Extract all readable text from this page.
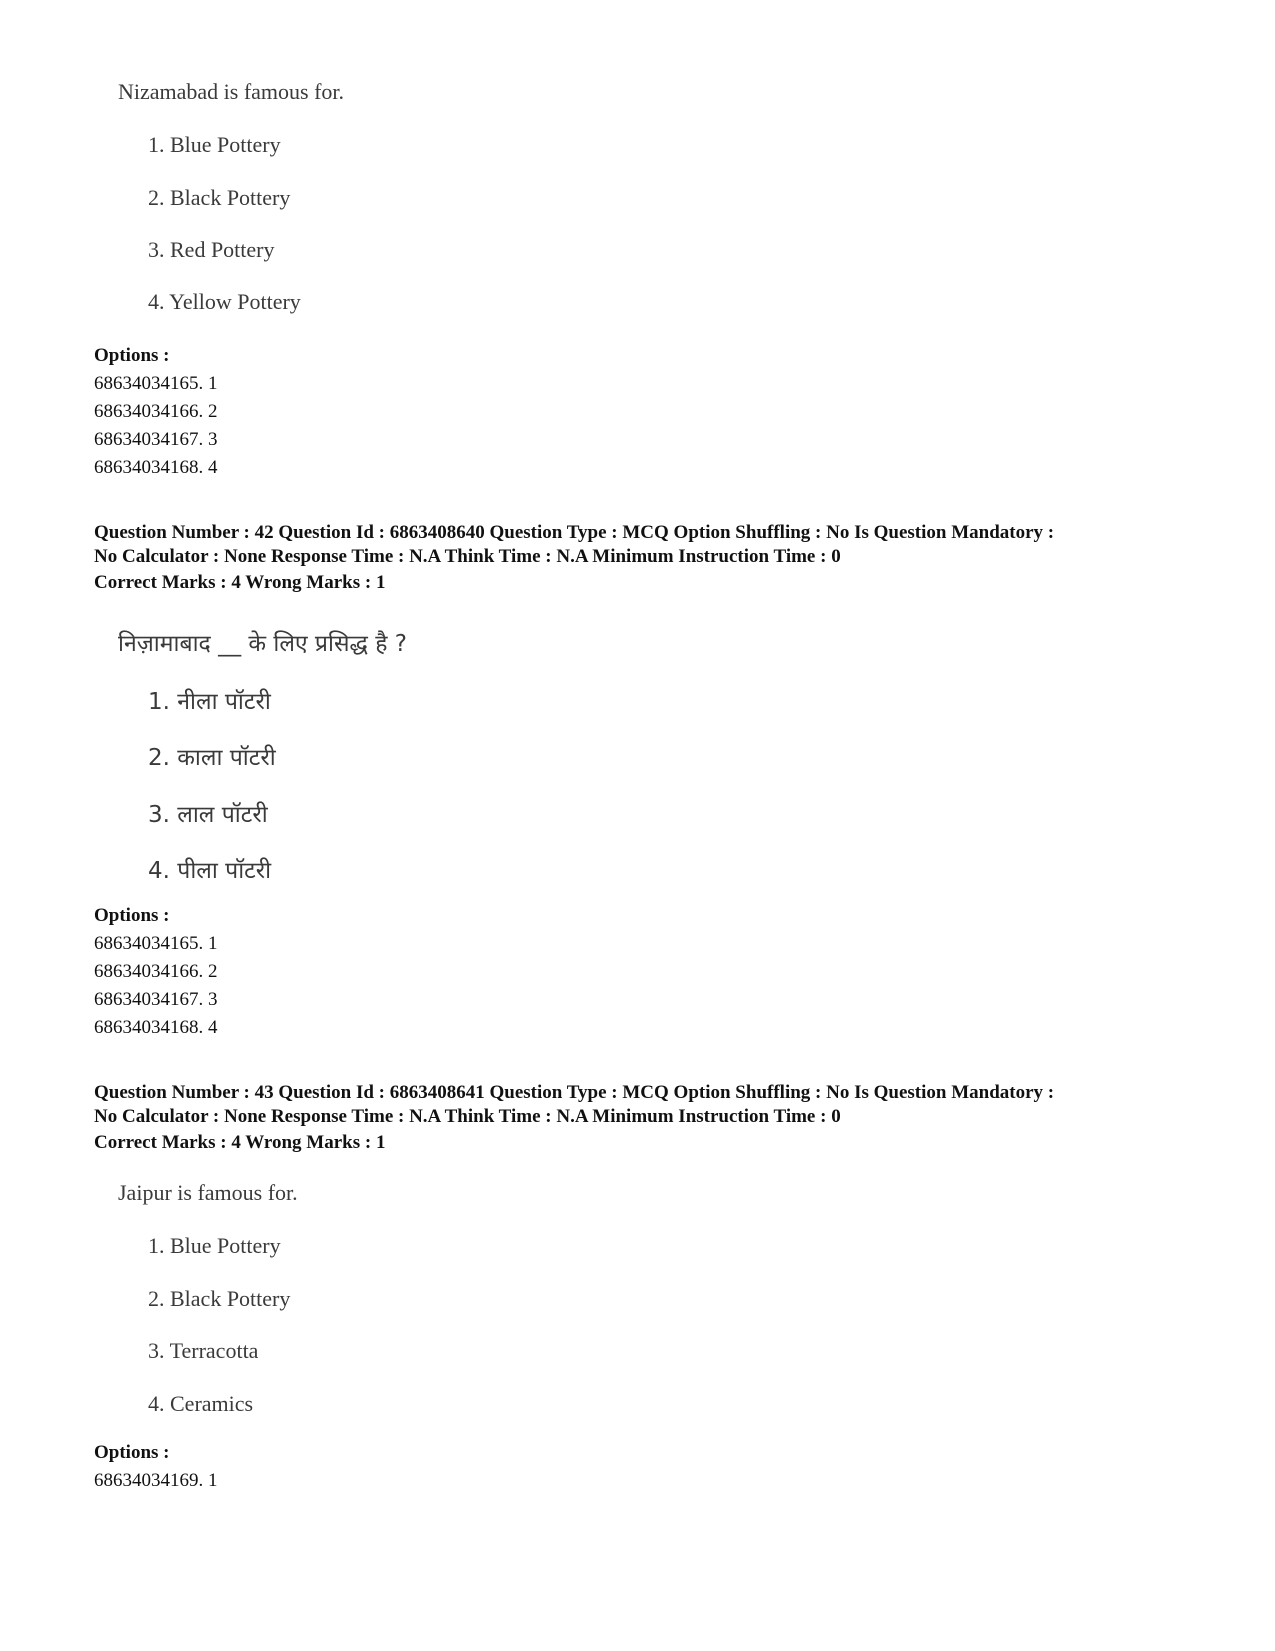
Nizamabad is famous for.
1. Blue Pottery
2. Black Pottery
3. Red Pottery
4. Yellow Pottery
Options :
68634034165. 1
68634034166. 2
68634034167. 3
68634034168. 4
Question Number : 42 Question Id : 6863408640 Question Type : MCQ Option Shuffling : No Is Question Mandatory :
No Calculator : None Response Time : N.A Think Time : N.A Minimum Instruction Time : 0
Correct Marks : 4 Wrong Marks : 1
निज़ामाबाद __ के लिए प्रसिद्ध है ?
1. नीला पॉटरी
2. काला पॉटरी
3. लाल पॉटरी
4. पीला पॉटरी
Options :
68634034165. 1
68634034166. 2
68634034167. 3
68634034168. 4
Question Number : 43 Question Id : 6863408641 Question Type : MCQ Option Shuffling : No Is Question Mandatory :
No Calculator : None Response Time : N.A Think Time : N.A Minimum Instruction Time : 0
Correct Marks : 4 Wrong Marks : 1
Jaipur is famous for.
1. Blue Pottery
2. Black Pottery
3. Terracotta
4. Ceramics
Options :
68634034169. 1
